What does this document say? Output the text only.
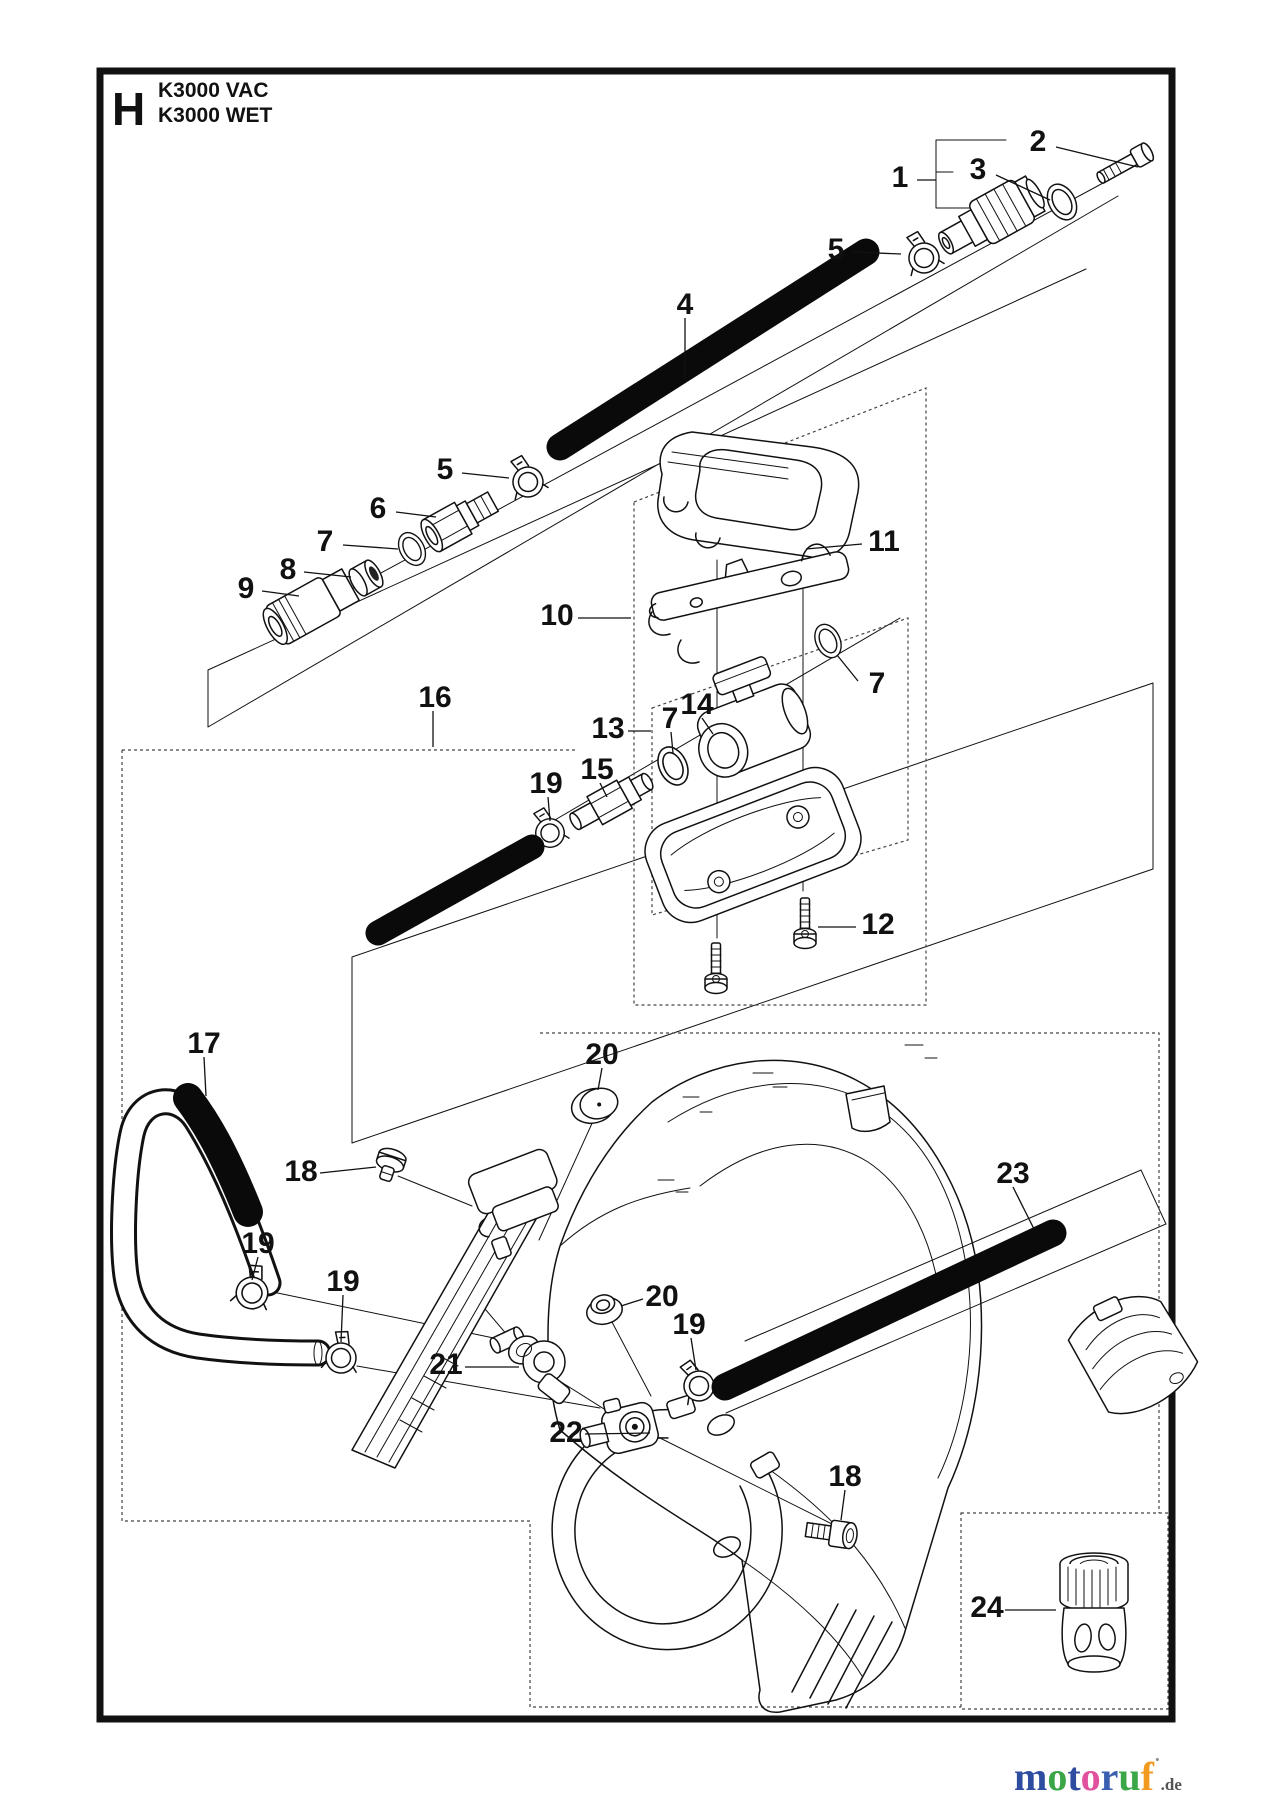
H K3000 VAC
K3000 WET
1
2
3
4
5
5
6
7
8
9
10
11
12
13
14
7
7
15
19
16
17
18
19
19
20
20
19
21
22
23
18
24
motoruf˙$_{.de}$
